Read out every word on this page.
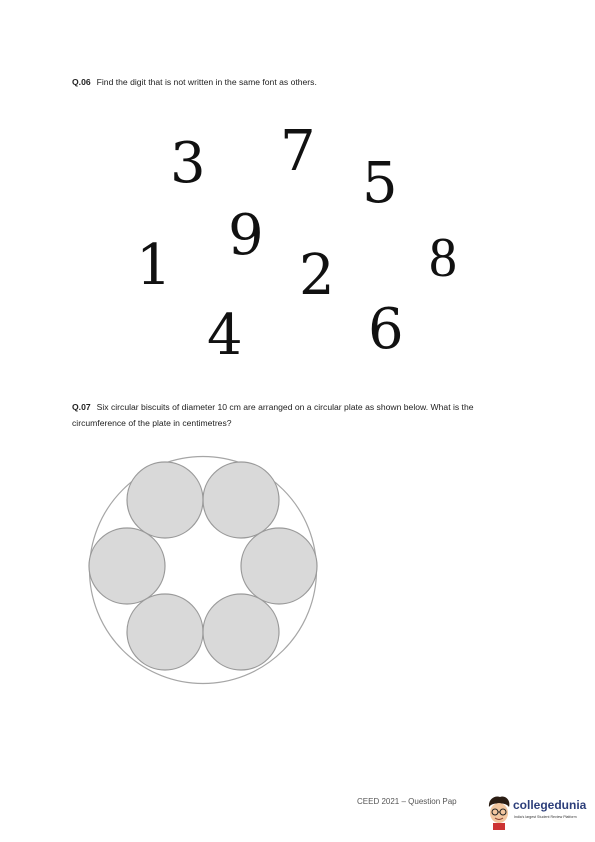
Q.06 Find the digit that is not written in the same font as others.
3 7 5
9
1 2 8
4 6
Q.07 Six circular biscuits of diameter 10 cm are arranged on a circular plate as shown below. What is the circumference of the plate in centimetres?
CEED 2021 – Question Pap	collegedunia
India's largest Student Review Platform
